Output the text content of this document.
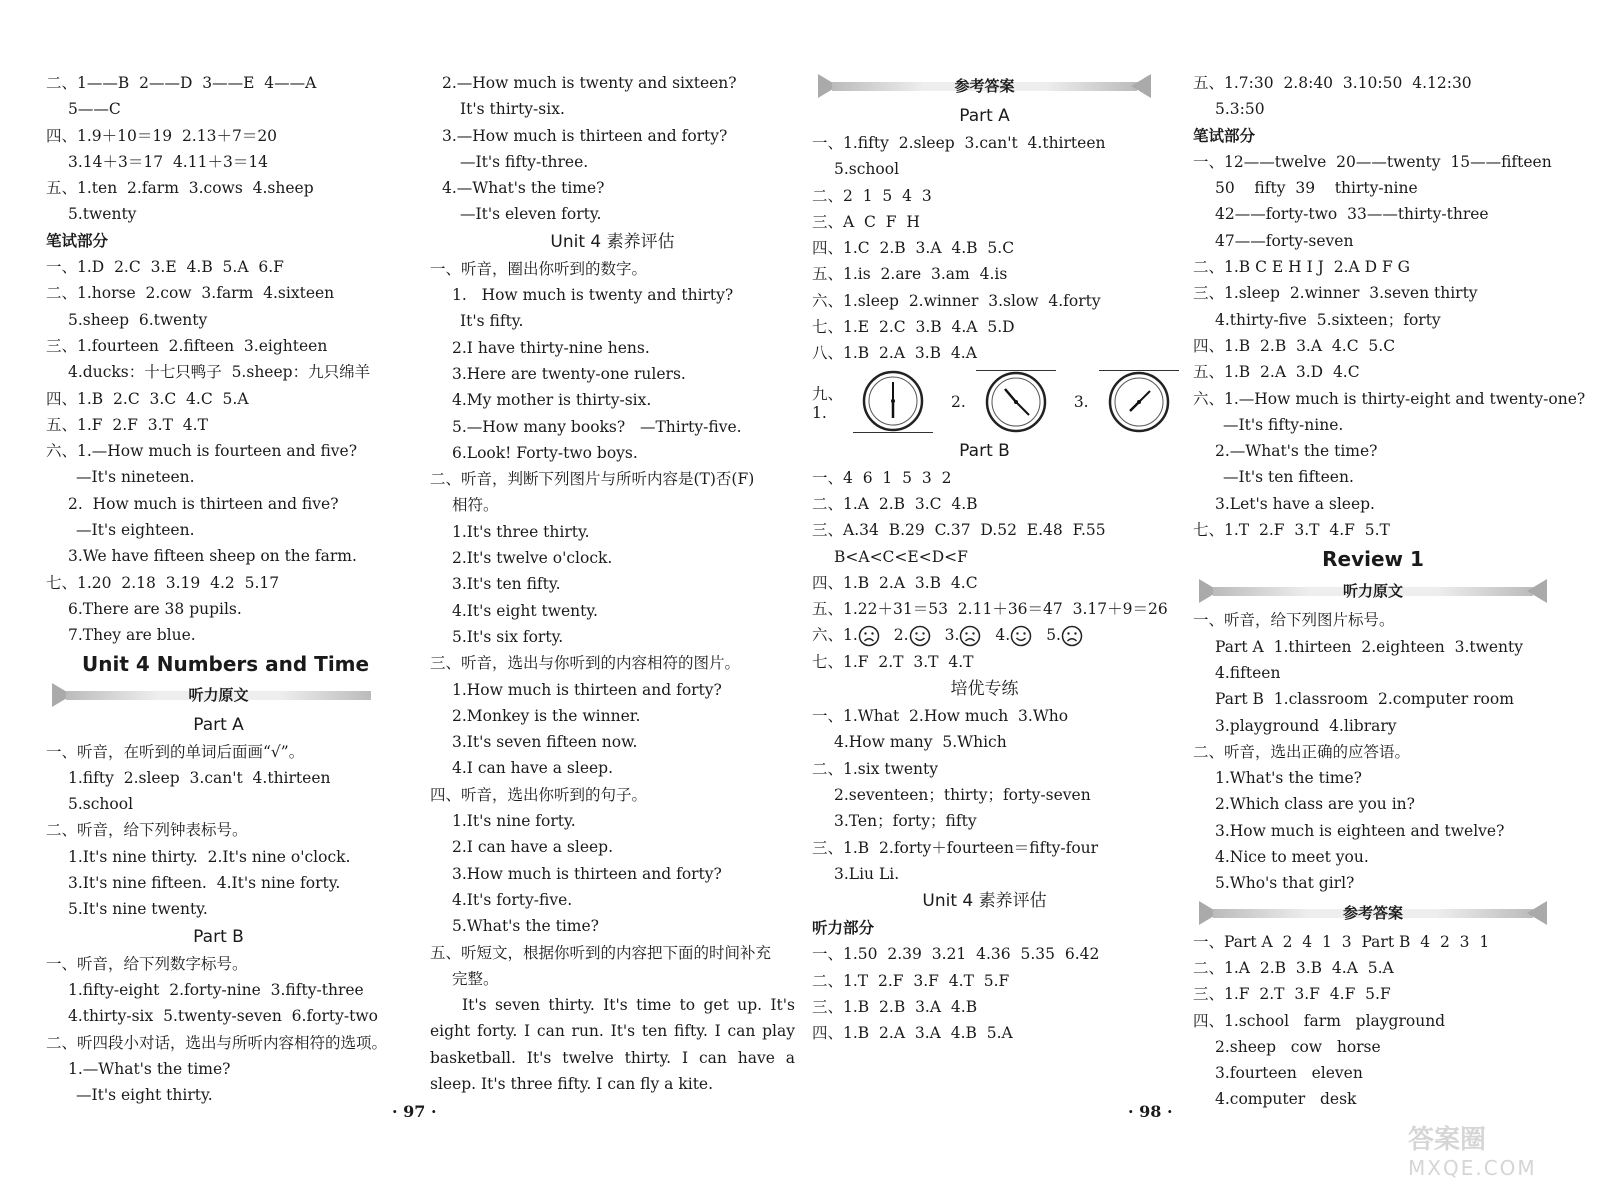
二、1——B  2——D  3——E  4——A
5——C
四、1.9＋10＝19  2.13＋7＝20
3.14＋3＝17  4.11＋3＝14
五、1.ten  2.farm  3.cows  4.sheep
5.twenty
笔试部分
一、1.D  2.C  3.E  4.B  5.A  6.F
二、1.horse  2.cow  3.farm  4.sixteen
5.sheep  6.twenty
三、1.fourteen  2.fifteen  3.eighteen
4.ducks：十七只鸭子  5.sheep：九只绵羊
四、1.B  2.C  3.C  4.C  5.A
五、1.F  2.F  3.T  4.T
六、1.—How much is fourteen and five?
—It's nineteen.
2.  How much is thirteen and five?
—It's eighteen.
3.We have fifteen sheep on the farm.
七、1.20  2.18  3.19  4.2  5.17
6.There are 38 pupils.
7.They are blue.
Unit 4 Numbers and Time
听力原文
Part A
一、听音，在听到的单词后面画“√”。
1.fifty  2.sleep  3.can't  4.thirteen
5.school
二、听音，给下列钟表标号。
1.It's nine thirty.  2.It's nine o'clock.
3.It's nine fifteen.  4.It's nine forty.
5.It's nine twenty.
Part B
一、听音，给下列数字标号。
1.fifty-eight  2.forty-nine  3.fifty-three
4.thirty-six  5.twenty-seven  6.forty-two
二、听四段小对话，选出与所听内容相符的选项。
1.—What's the time?
—It's eight thirty.
2.—How much is twenty and sixteen?
It's thirty-six.
3.—How much is thirteen and forty?
—It's fifty-three.
4.—What's the time?
—It's eleven forty.
Unit 4 素养评估
一、听音，圈出你听到的数字。
1.   How much is twenty and thirty?
It's fifty.
2.I have thirty-nine hens.
3.Here are twenty-one rulers.
4.My mother is thirty-six.
5.—How many books?   —Thirty-five.
6.Look! Forty-two boys.
二、听音，判断下列图片与所听内容是(T)否(F)
相符。
1.It's three thirty.
2.It's twelve o'clock.
3.It's ten fifty.
4.It's eight twenty.
5.It's six forty.
三、听音，选出与你听到的内容相符的图片。
1.How much is thirteen and forty?
2.Monkey is the winner.
3.It's seven fifteen now.
4.I can have a sleep.
四、听音，选出你听到的句子。
1.It's nine forty.
2.I can have a sleep.
3.How much is thirteen and forty?
4.It's forty-five.
5.What's the time?
五、听短文，根据你听到的内容把下面的时间补充
完整。
It's seven thirty. It's time to get up. It's eight forty. I can run. It's ten fifty. I can play basketball. It's twelve thirty. I can have a sleep. It's three fifty. I can fly a kite.
参考答案
Part A
一、1.fifty  2.sleep  3.can't  4.thirteen
5.school
二、2  1  5  4  3
三、A  C  F  H
四、1.C  2.B  3.A  4.B  5.C
五、1.is  2.are  3.am  4.is
六、1.sleep  2.winner  3.slow  4.forty
七、1.E  2.C  3.B  4.A  5.D
八、1.B  2.A  3.B  4.A
九、1.
2.	3.
Part B
一、4  6  1  5  3  2
二、1.A  2.B  3.C  4.B
三、A.34  B.29  C.37  D.52  E.48  F.55
B<A<C<E<D<F
四、1.B  2.A  3.B  4.C
五、1.22＋31＝53  2.11＋36＝47  3.17＋9＝26
六、1. 2. 3. 4. 5.
七、1.F  2.T  3.T  4.T
培优专练
一、1.What  2.How much  3.Who
4.How many  5.Which
二、1.six twenty
2.seventeen；thirty；forty-seven
3.Ten；forty；fifty
三、1.B  2.forty＋fourteen＝fifty-four
3.Liu Li.
Unit 4 素养评估
听力部分
一、1.50  2.39  3.21  4.36  5.35  6.42
二、1.T  2.F  3.F  4.T  5.F
三、1.B  2.B  3.A  4.B
四、1.B  2.A  3.A  4.B  5.A
五、1.7:30  2.8:40  3.10:50  4.12:30
5.3:50
笔试部分
一、12——twelve  20——twenty  15——fifteen
50    fifty  39    thirty-nine
42——forty-two  33——thirty-three
47——forty-seven
二、1.B C E H I J  2.A D F G
三、1.sleep  2.winner  3.seven thirty
4.thirty-five  5.sixteen；forty
四、1.B  2.B  3.A  4.C  5.C
五、1.B  2.A  3.D  4.C
六、1.—How much is thirty-eight and twenty-one?
—It's fifty-nine.
2.—What's the time?
—It's ten fifteen.
3.Let's have a sleep.
七、1.T  2.F  3.T  4.F  5.T
Review 1
听力原文
一、听音，给下列图片标号。
Part A  1.thirteen  2.eighteen  3.twenty
4.fifteen
Part B  1.classroom  2.computer room
3.playground  4.library
二、听音，选出正确的应答语。
1.What's the time?
2.Which class are you in?
3.How much is eighteen and twelve?
4.Nice to meet you.
5.Who's that girl?
参考答案
一、Part A  2  4  1  3  Part B  4  2  3  1
二、1.A  2.B  3.B  4.A  5.A
三、1.F  2.T  3.F  4.F  5.F
四、1.school   farm   playground
2.sheep   cow   horse
3.fourteen   eleven
4.computer   desk
· 97 ·	· 98 ·
答案圈
MXQE.COM
